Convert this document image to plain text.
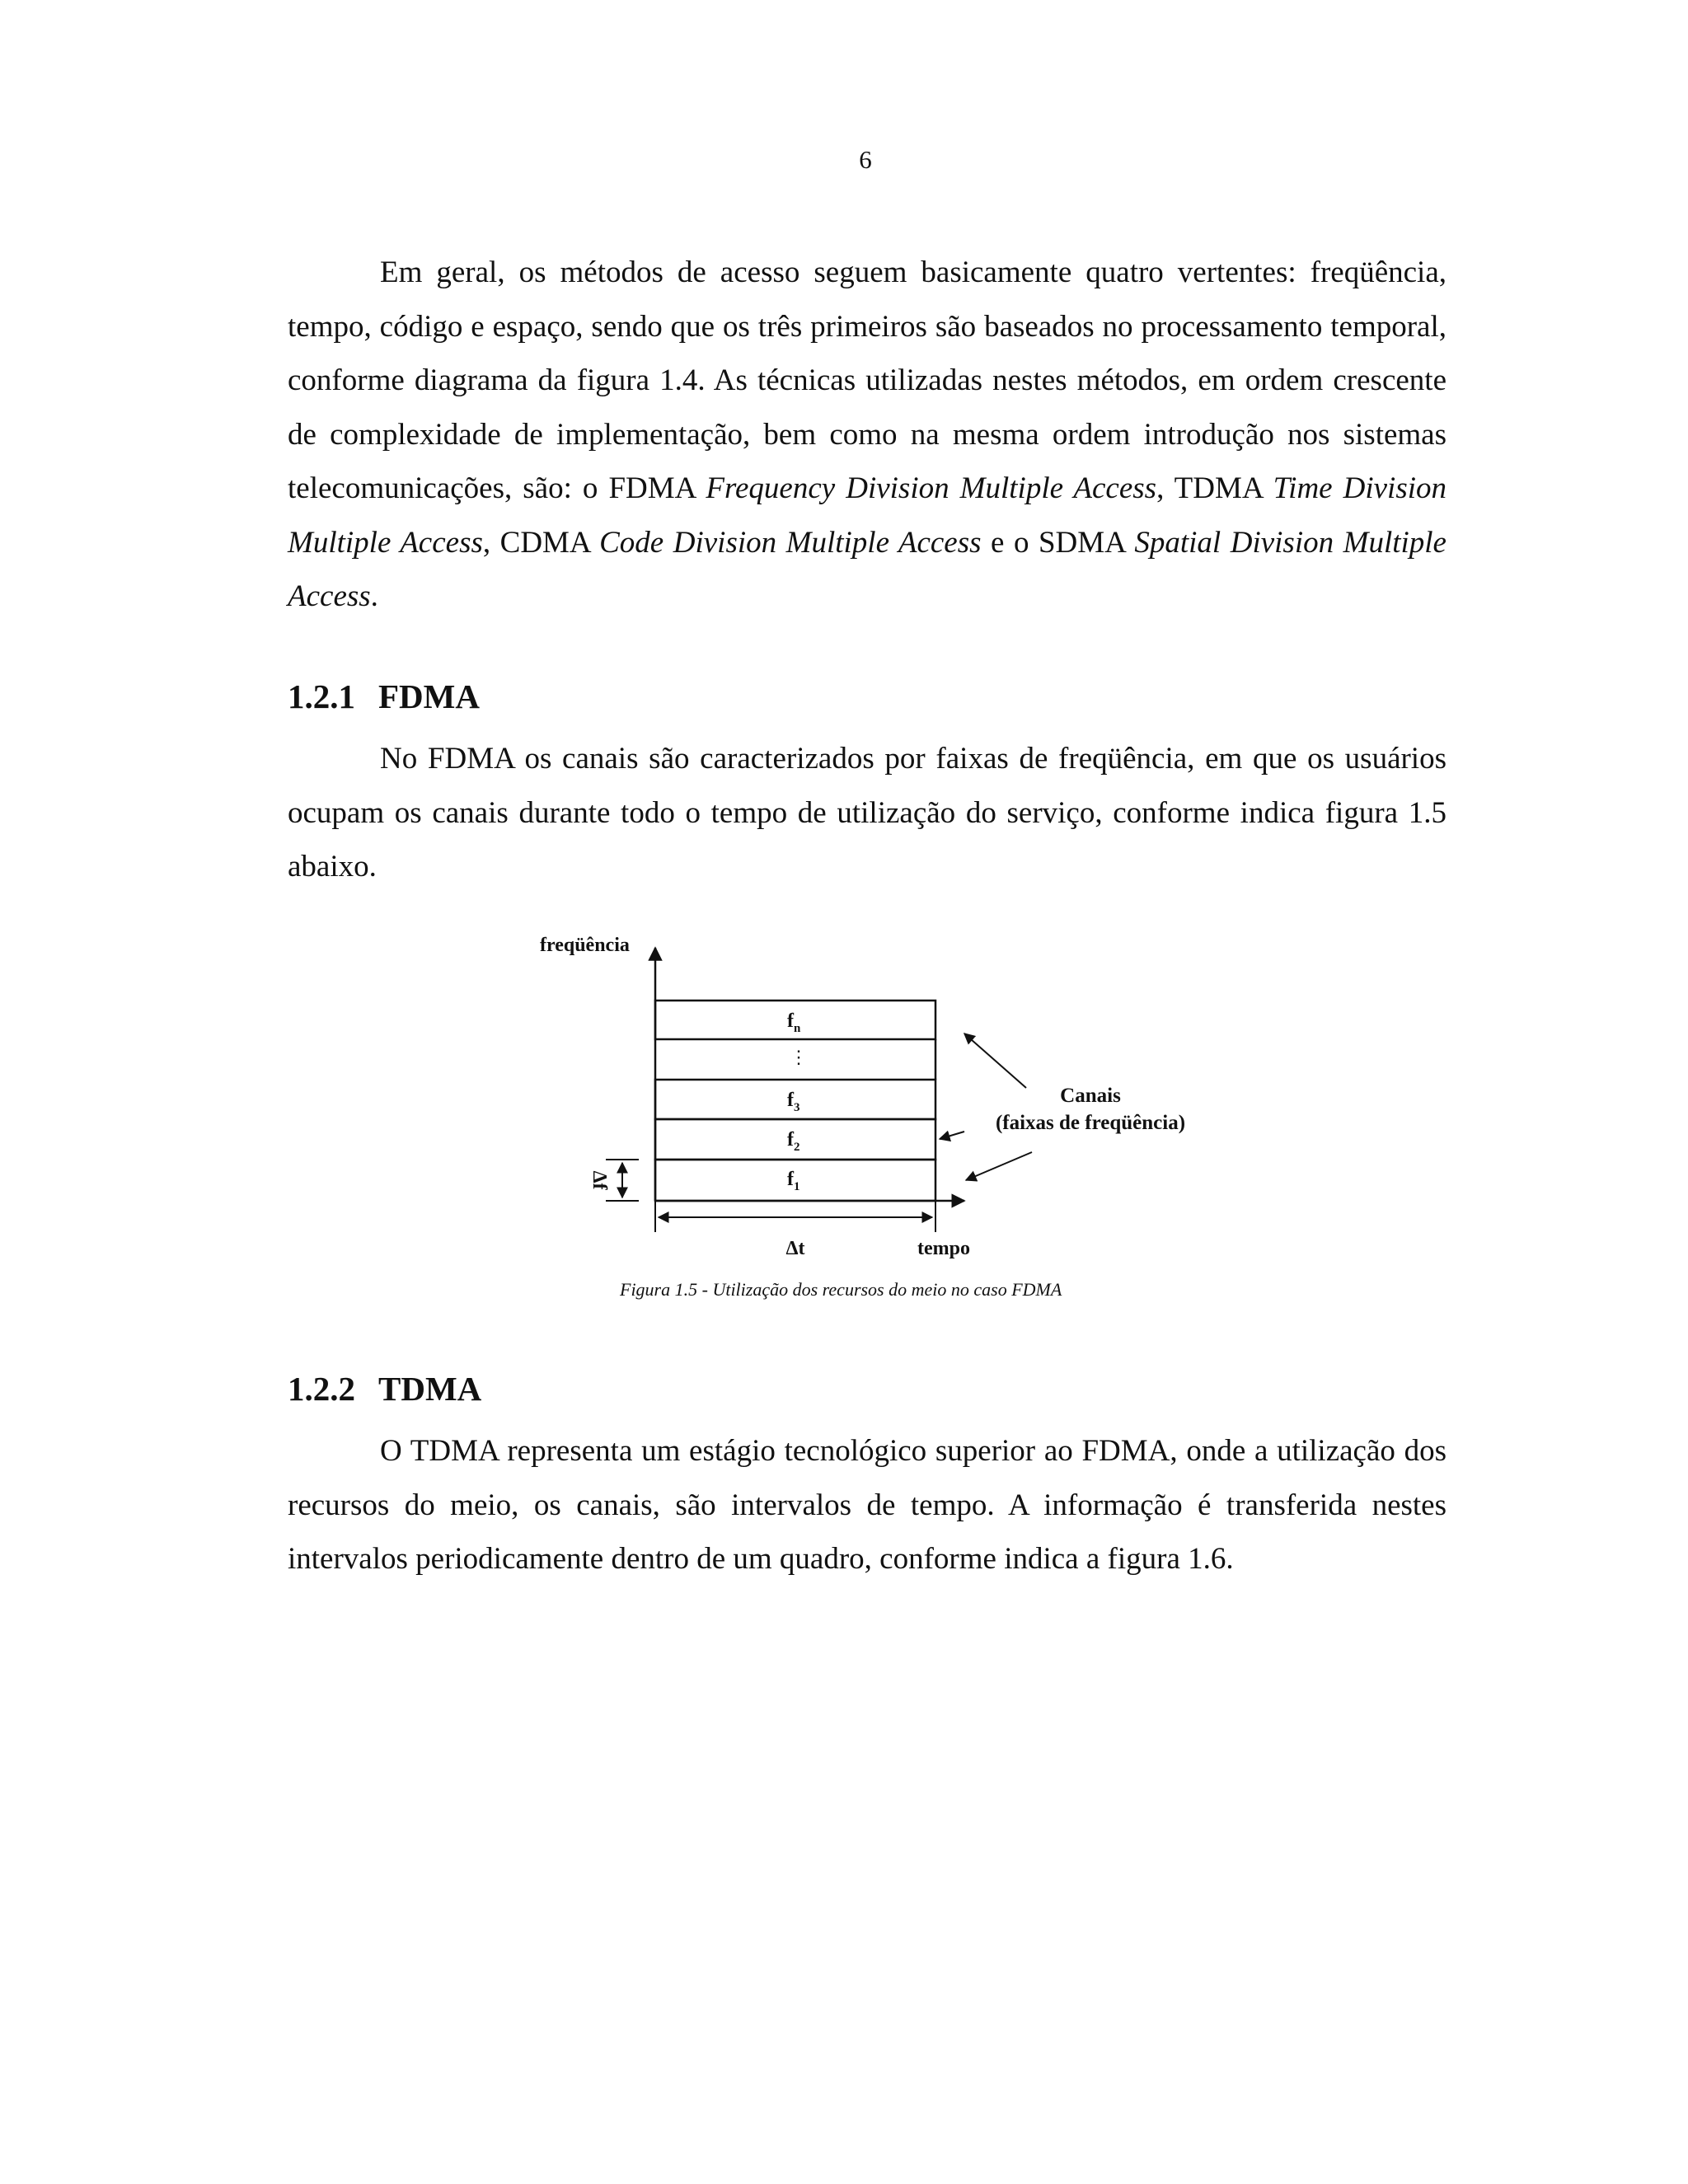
6

Em geral, os métodos de acesso seguem basicamente quatro vertentes: freqüência, tempo, código e espaço, sendo que os três primeiros são baseados no processamento temporal, conforme diagrama da figura 1.4. As técnicas utilizadas nestes métodos, em ordem crescente de complexidade de implementação, bem como na mesma ordem introdução nos sistemas telecomunicações, são: o FDMA Frequency Division Multiple Access, TDMA Time Division Multiple Access, CDMA Code Division Multiple Access e o SDMA Spatial Division Multiple Access.

1.2.1 FDMA

No FDMA os canais são caracterizados por faixas de freqüência, em que os usuários ocupam os canais durante todo o tempo de utilização do serviço, conforme indica figura 1.5 abaixo.

freqüência
$f_n$
⋮
$f_3$
$f_2$
$f_1$
Δf
Δt	tempo
Canais
(faixas de freqüência)
Figura 1.5 - Utilização dos recursos do meio no caso FDMA
1.2.2 TDMA

O TDMA representa um estágio tecnológico superior ao FDMA, onde a utilização dos recursos do meio, os canais, são intervalos de tempo. A informação é transferida nestes intervalos periodicamente dentro de um quadro, conforme indica a figura 1.6.
